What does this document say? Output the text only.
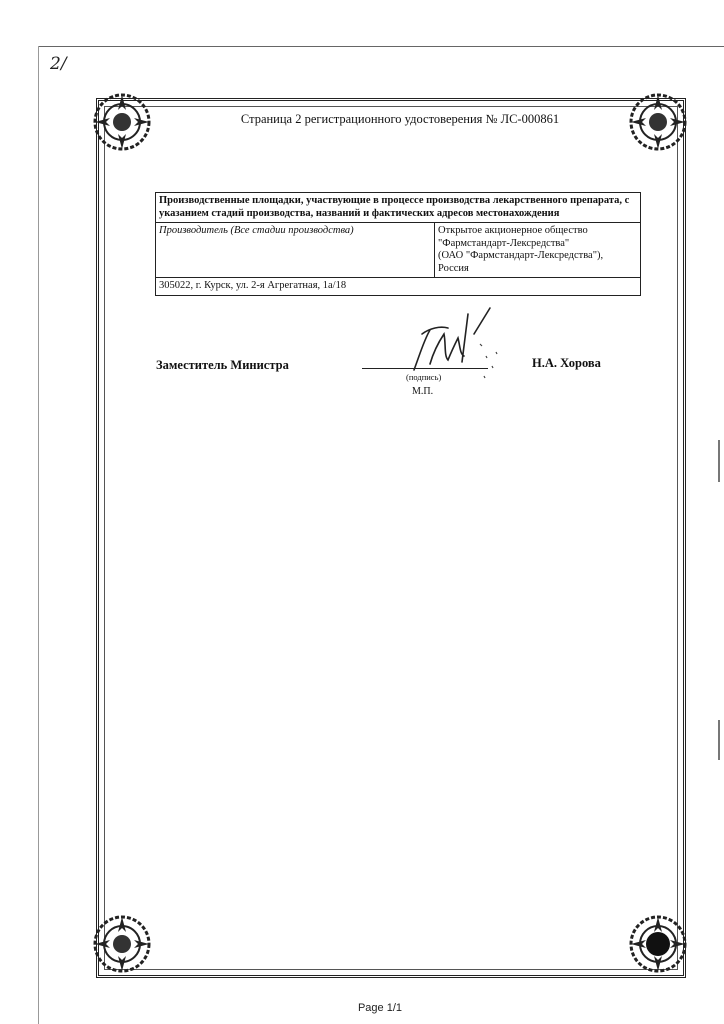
2/
Страница 2 регистрационного удостоверения № ЛС-000861
Производственные площадки, участвующие в процессе производства лекарственного препарата, с указанием стадий производства, названий и фактических адресов местонахождения
Производитель (Все стадии производства)	Открытое акционерное общество
"Фармстандарт-Лексредства"
(ОАО "Фармстандарт-Лексредства"),
Россия

305022, г. Курск, ул. 2-я Агрегатная, 1а/18
Заместитель Министра
(подпись)
М.П.
Н.А. Хорова
Page 1/1
